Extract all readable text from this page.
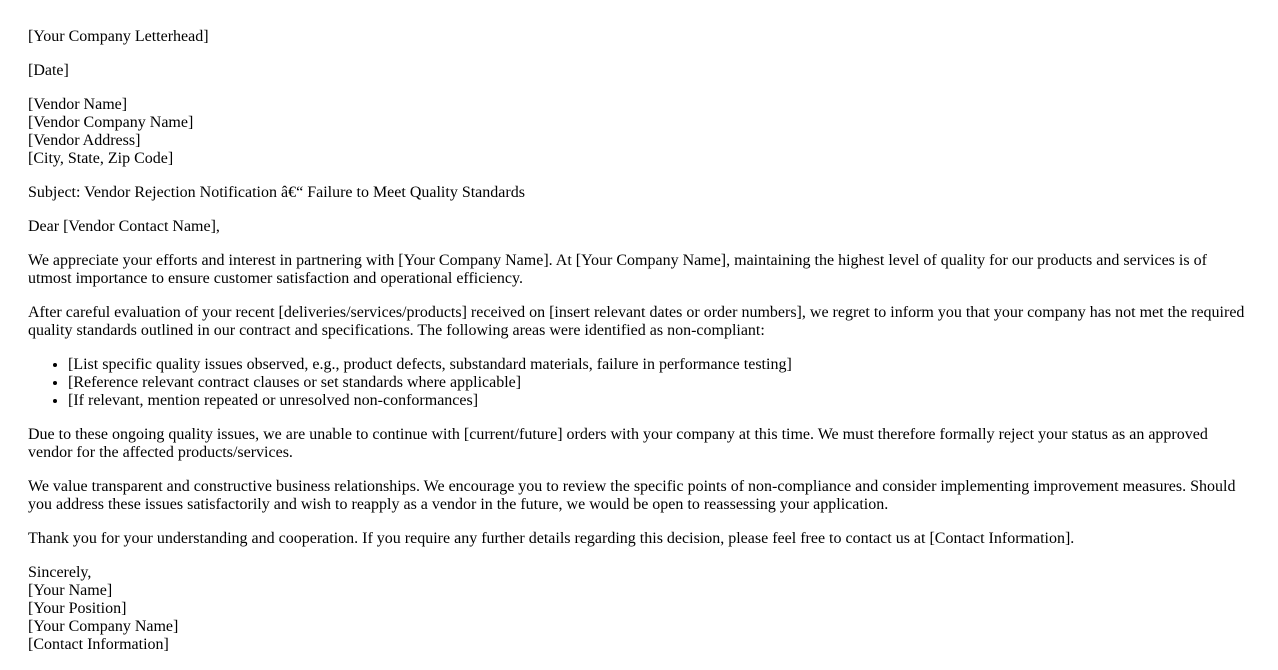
[Your Company Letterhead]

[Date]

[Vendor Name]
[Vendor Company Name]
[Vendor Address]
[City, State, Zip Code]

Subject: Vendor Rejection Notification â€“ Failure to Meet Quality Standards

Dear [Vendor Contact Name],

We appreciate your efforts and interest in partnering with [Your Company Name]. At [Your Company Name], maintaining the highest level of quality for our products and services is of utmost importance to ensure customer satisfaction and operational efficiency.

After careful evaluation of your recent [deliveries/services/products] received on [insert relevant dates or order numbers], we regret to inform you that your company has not met the required quality standards outlined in our contract and specifications. The following areas were identified as non-compliant:

• [List specific quality issues observed, e.g., product defects, substandard materials, failure in performance testing]
• [Reference relevant contract clauses or set standards where applicable]
• [If relevant, mention repeated or unresolved non-conformances]

Due to these ongoing quality issues, we are unable to continue with [current/future] orders with your company at this time. We must therefore formally reject your status as an approved vendor for the affected products/services.

We value transparent and constructive business relationships. We encourage you to review the specific points of non-compliance and consider implementing improvement measures. Should you address these issues satisfactorily and wish to reapply as a vendor in the future, we would be open to reassessing your application.

Thank you for your understanding and cooperation. If you require any further details regarding this decision, please feel free to contact us at [Contact Information].

Sincerely,
[Your Name]
[Your Position]
[Your Company Name]
[Contact Information]
